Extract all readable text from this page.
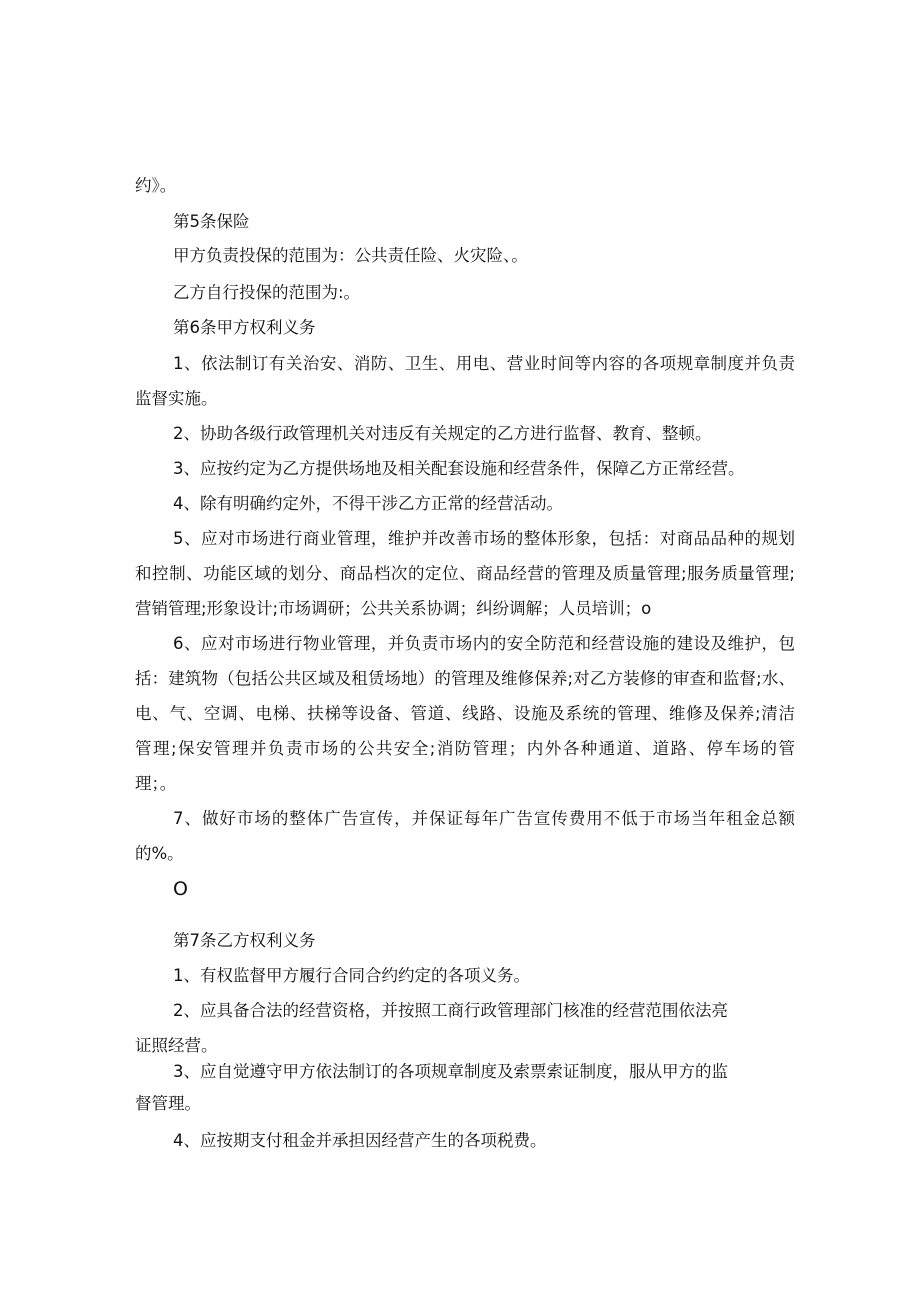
约》。
第5条保险
甲方负责投保的范围为：公共责任险、火灾险、。
乙方自行投保的范围为:。
第6条甲方权利义务
1、依法制订有关治安、消防、卫生、用电、营业时间等内容的各项规章制度并负责
监督实施。
2、协助各级行政管理机关对违反有关规定的乙方进行监督、教育、整顿。
3、应按约定为乙方提供场地及相关配套设施和经营条件，保障乙方正常经营。
4、除有明确约定外，不得干涉乙方正常的经营活动。
5、应对市场进行商业管理，维护并改善市场的整体形象，包括：对商品品种的规划
和控制、功能区域的划分、商品档次的定位、商品经营的管理及质量管理;服务质量管理;
营销管理;形象设计;市场调研；公共关系协调；纠纷调解；人员培训；o
6、应对市场进行物业管理，并负责市场内的安全防范和经营设施的建设及维护，包
括：建筑物（包括公共区域及租赁场地）的管理及维修保养;对乙方装修的审查和监督;水、
电、气、空调、电梯、扶梯等设备、管道、线路、设施及系统的管理、维修及保养;清洁
管理;保安管理并负责市场的公共安全;消防管理；内外各种通道、道路、停车场的管
理；。
7、做好市场的整体广告宣传，并保证每年广告宣传费用不低于市场当年租金总额
的%。
O
第7条乙方权利义务
1、有权监督甲方履行合同合约约定的各项义务。
2、应具备合法的经营资格，并按照工商行政管理部门核准的经营范围依法亮
证照经营。
3、应自觉遵守甲方依法制订的各项规章制度及索票索证制度，服从甲方的监
督管理。
4、应按期支付租金并承担因经营产生的各项税费。
